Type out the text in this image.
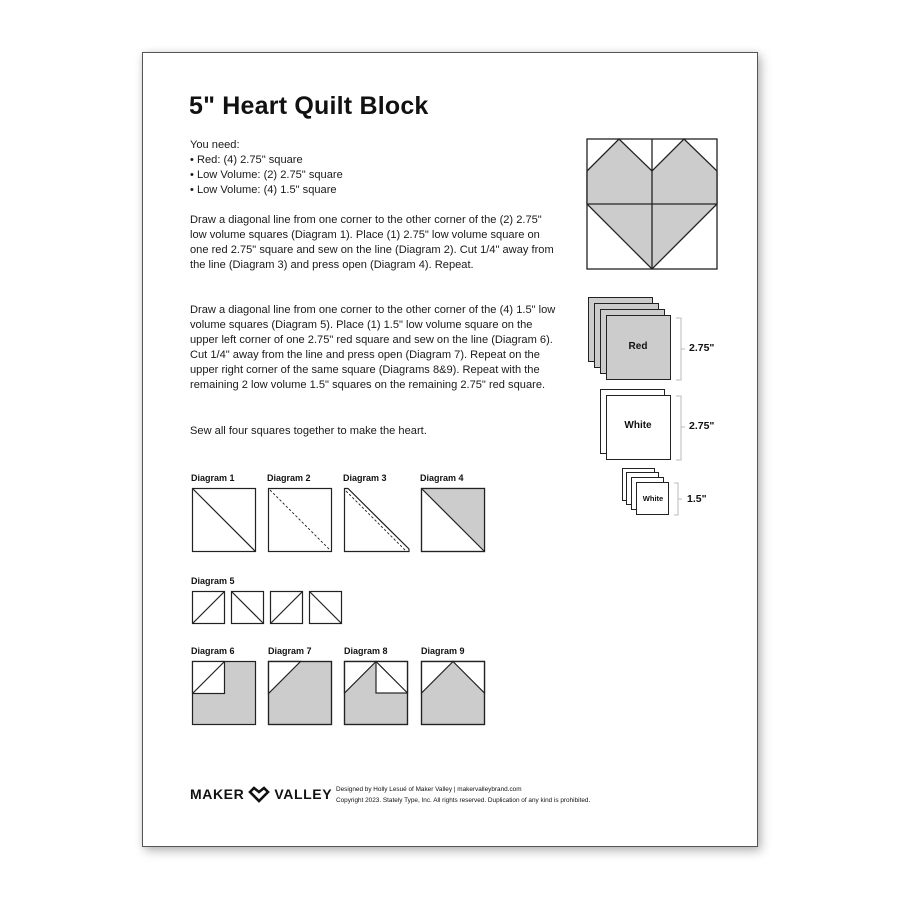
5" Heart Quilt Block
You need:
• Red: (4) 2.75" square
• Low Volume: (2) 2.75" square
• Low Volume: (4) 1.5" square
Draw a diagonal line from one corner to the other corner of the (2) 2.75" low volume squares (Diagram 1). Place (1) 2.75" low volume square on one red 2.75" square and sew on the line (Diagram 2). Cut 1/4" away from the line (Diagram 3) and press open (Diagram 4). Repeat.
Draw a diagonal line from one corner to the other corner of the (4) 1.5" low volume squares (Diagram 5). Place (1) 1.5" low volume square on the upper left corner of one 2.75" red square and sew on the line (Diagram 6). Cut 1/4" away from the line and press open (Diagram 7). Repeat on the upper right corner of the same square (Diagrams 8&9). Repeat with the remaining 2 low volume 1.5" squares on the remaining 2.75" red square.
Sew all four squares together to make the heart.
Red	2.75"
White	2.75"
White	1.5"
Diagram 1	Diagram 2	Diagram 3	Diagram 4
Diagram 5
Diagram 6	Diagram 7	Diagram 8	Diagram 9
MAKER VALLEY Designed by Holly Lesué of Maker Valley | makervalleybrand.com
Copyright 2023. Stately Type, Inc. All rights reserved. Duplication of any kind is prohibited.
